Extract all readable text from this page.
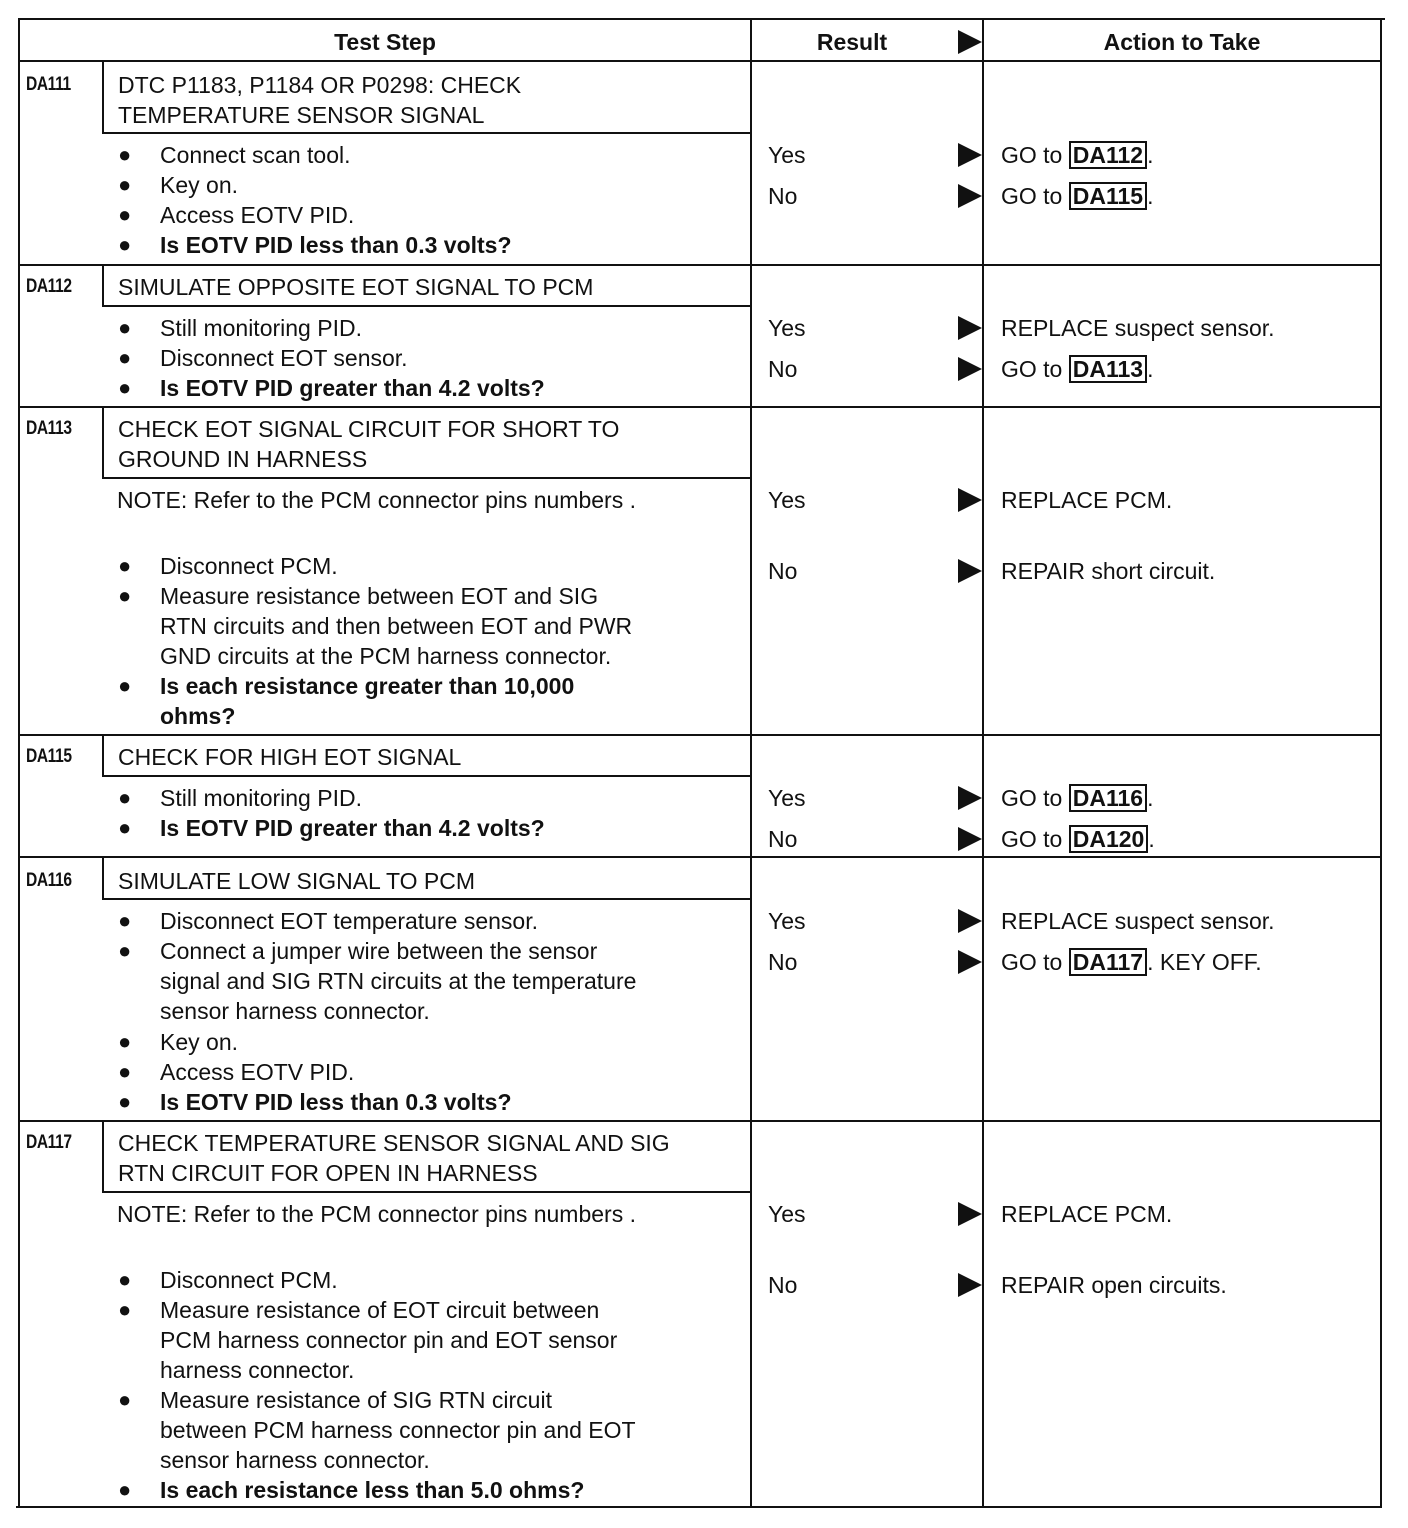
Test Step	Result	Action to Take
DA111 DTC P1183, P1184 OR P0298: CHECK TEMPERATURE SENSOR SIGNAL
● Connect scan tool.
● Key on.
● Access EOTV PID.
● Is EOTV PID less than 0.3 volts?
Yes	GO to DA112 .
No	GO to DA115 .
DA112 SIMULATE OPPOSITE EOT SIGNAL TO PCM
● Still monitoring PID.
● Disconnect EOT sensor.
● Is EOTV PID greater than 4.2 volts?
Yes	REPLACE suspect sensor.
No	GO to DA113 .
DA113 CHECK EOT SIGNAL CIRCUIT FOR SHORT TO GROUND IN HARNESS
NOTE: Refer to the PCM connector pins numbers .
● Disconnect PCM.
● Measure resistance between EOT and SIG
RTN circuits and then between EOT and PWR
GND circuits at the PCM harness connector.
● Is each resistance greater than 10,000
ohms?
Yes	REPLACE PCM.
No	REPAIR short circuit.
DA115 CHECK FOR HIGH EOT SIGNAL
● Still monitoring PID.
● Is EOTV PID greater than 4.2 volts?
Yes	GO to DA116 .
No	GO to DA120 .
DA116 SIMULATE LOW SIGNAL TO PCM
● Disconnect EOT temperature sensor.
● Connect a jumper wire between the sensor
signal and SIG RTN circuits at the temperature
sensor harness connector.
● Key on.
● Access EOTV PID.
● Is EOTV PID less than 0.3 volts?
Yes	REPLACE suspect sensor.
No	GO to DA117 . KEY OFF.
DA117 CHECK TEMPERATURE SENSOR SIGNAL AND SIG RTN CIRCUIT FOR OPEN IN HARNESS
NOTE: Refer to the PCM connector pins numbers .
● Disconnect PCM.
● Measure resistance of EOT circuit between
PCM harness connector pin and EOT sensor
harness connector.
● Measure resistance of SIG RTN circuit
between PCM harness connector pin and EOT
sensor harness connector.
● Is each resistance less than 5.0 ohms?
Yes	REPLACE PCM.
No	REPAIR open circuits.
